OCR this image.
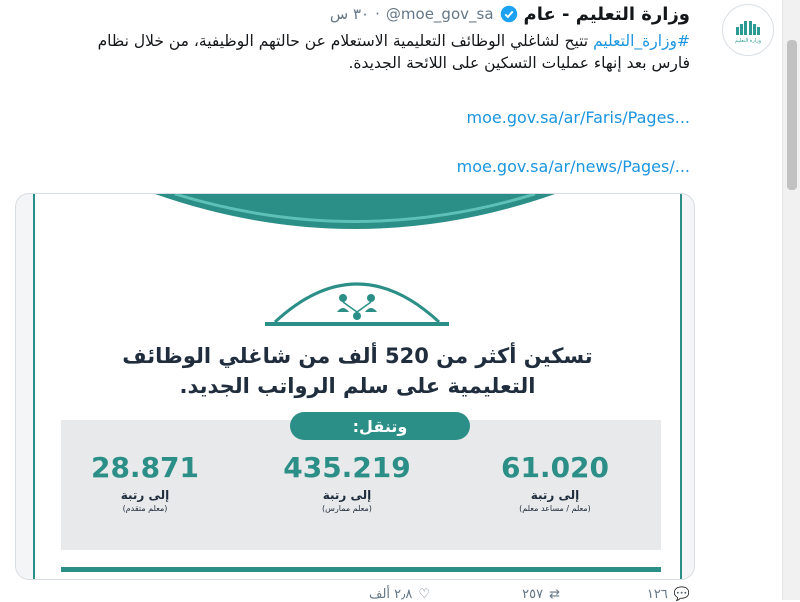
وزارة التعليم
وزارة التعليم - عام
@moe_gov_sa
·
٣٠ س
#وزارة_التعليم تتيح لشاغلي الوظائف التعليمية الاستعلام عن حالتهم الوظيفية، من خلال نظام فارس بعد إنهاء عمليات التسكين على اللائحة الجديدة.
moe.gov.sa/ar/Faris/Pages...
moe.gov.sa/ar/news/Pages/...
تسكين أكثر من 520 ألف من شاغلي الوظائف
التعليمية على سلم الرواتب الجديد.
وتنقل:
61.020
إلى رتبة
(معلم / مساعد معلم)
435.219
إلى رتبة
(معلم ممارس)
28.871
إلى رتبة
(معلم متقدم)
💬
١٢٦
⇄
٢٥٧
♡
٢٫٨ ألف
